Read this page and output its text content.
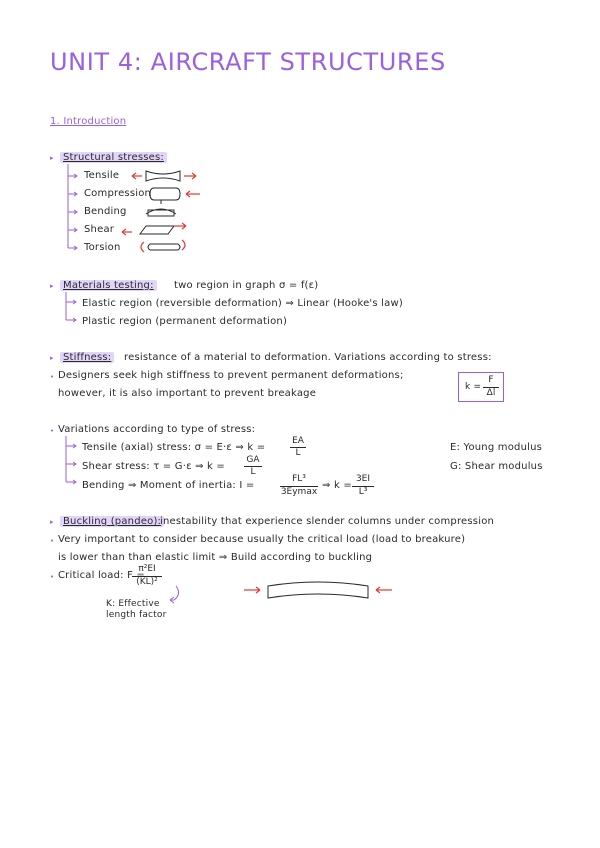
UNIT 4: AIRCRAFT STRUCTURES
1. Introduction
▸ Structural stresses:
Tensile
Compression
Bending
Shear
Torsion
▸ Materials testing:	two region in graph σ = f(ε)
Elastic region (reversible deformation) ⇒ Linear (Hooke's law)
Plastic region (permanent deformation)
▸ Stiffness:	resistance of a material to deformation. Variations according to stress:
• Designers seek high stiffness to prevent permanent deformations;
however, it is also important to prevent breakage
k =
F
Δl
• Variations according to type of stress:
Tensile (axial) stress: σ = E·ε ⇒ k =
EA
L	E: Young modulus
Shear stress: τ = G·ε ⇒ k =
GA
L	G: Shear modulus
Bending ⇒ Moment of inertia: I =
FL³
3Eymax
⇒ k =
3EI
L³
▸ Buckling (pandeo):
inestability that experience slender columns under compression
• Very important to consider because usually the critical load (load to breakure)
is lower than than elastic limit ⇒ Build according to buckling
• Critical load: F =
π²EI
(KL)²
K: Effective
length factor
